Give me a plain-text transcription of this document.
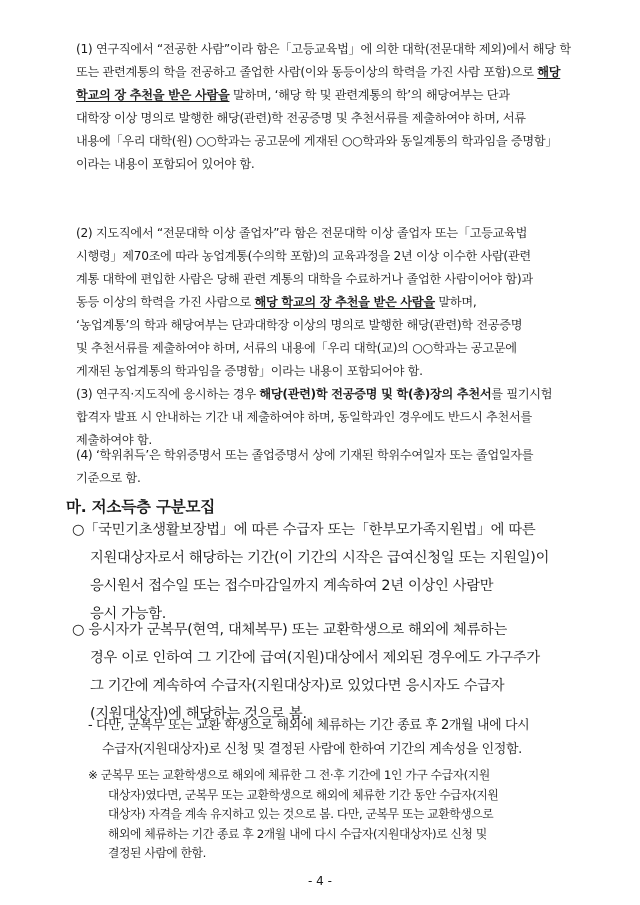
(1) 연구직에서 “전공한 사람”이라 함은「고등교육법」에 의한 대학(전문대학 제외)에서 해당 학
또는 관련계통의 학을 전공하고 졸업한 사람(이와 동등이상의 학력을 가진 사람 포함)으로 해당
학교의 장 추천을 받은 사람을 말하며, ‘해당 학 및 관련계통의 학’의 해당여부는 단과
대학장 이상 명의로 발행한 해당(관련)학 전공증명 및 추천서류를 제출하여야 하며, 서류
내용에「우리 대학(원) ○○학과는 공고문에 게재된 ○○학과와 동일계통의 학과임을 증명함」
이라는 내용이 포함되어 있어야 함.
(2) 지도직에서 “전문대학 이상 졸업자”라 함은 전문대학 이상 졸업자 또는「고등교육법
시행령」제70조에 따라 농업계통(수의학 포함)의 교육과정을 2년 이상 이수한 사람(관련
계통 대학에 편입한 사람은 당해 관련 계통의 대학을 수료하거나 졸업한 사람이어야 함)과
동등 이상의 학력을 가진 사람으로 해당 학교의 장 추천을 받은 사람을 말하며,
‘농업계통’의 학과 해당여부는 단과대학장 이상의 명의로 발행한 해당(관련)학 전공증명
및 추천서류를 제출하여야 하며, 서류의 내용에「우리 대학(교)의 ○○학과는 공고문에
게재된 농업계통의 학과임을 증명함」이라는 내용이 포함되어야 함.
(3) 연구직·지도직에 응시하는 경우 해당(관련)학 전공증명 및 학(총)장의 추천서를 필기시험
합격자 발표 시 안내하는 기간 내 제출하여야 하며, 동일학과인 경우에도 반드시 추천서를
제출하여야 함.
(4) ‘학위취득’은 학위증명서 또는 졸업증명서 상에 기재된 학위수여일자 또는 졸업일자를
기준으로 함.
마. 저소득층 구분모집
○「국민기초생활보장법」에 따른 수급자 또는「한부모가족지원법」에 따른
지원대상자로서 해당하는 기간(이 기간의 시작은 급여신청일 또는 지원일)이
응시원서 접수일 또는 접수마감일까지 계속하여 2년 이상인 사람만
응시 가능함.
○ 응시자가 군복무(현역, 대체복무) 또는 교환학생으로 해외에 체류하는
경우 이로 인하여 그 기간에 급여(지원)대상에서 제외된 경우에도 가구주가
그 기간에 계속하여 수급자(지원대상자)로 있었다면 응시자도 수급자
(지원대상자)에 해당하는 것으로 봄.
- 다만, 군복무 또는 교환 학생으로 해외에 체류하는 기간 종료 후 2개월 내에 다시
수급자(지원대상자)로 신청 및 결정된 사람에 한하여 기간의 계속성을 인정함.
※ 군복무 또는 교환학생으로 해외에 체류한 그 전·후 기간에 1인 가구 수급자(지원
대상자)였다면, 군복무 또는 교환학생으로 해외에 체류한 기간 동안 수급자(지원
대상자) 자격을 계속 유지하고 있는 것으로 봄. 다만, 군복무 또는 교환학생으로
해외에 체류하는 기간 종료 후 2개월 내에 다시 수급자(지원대상자)로 신청 및
결정된 사람에 한함.
- 4 -
